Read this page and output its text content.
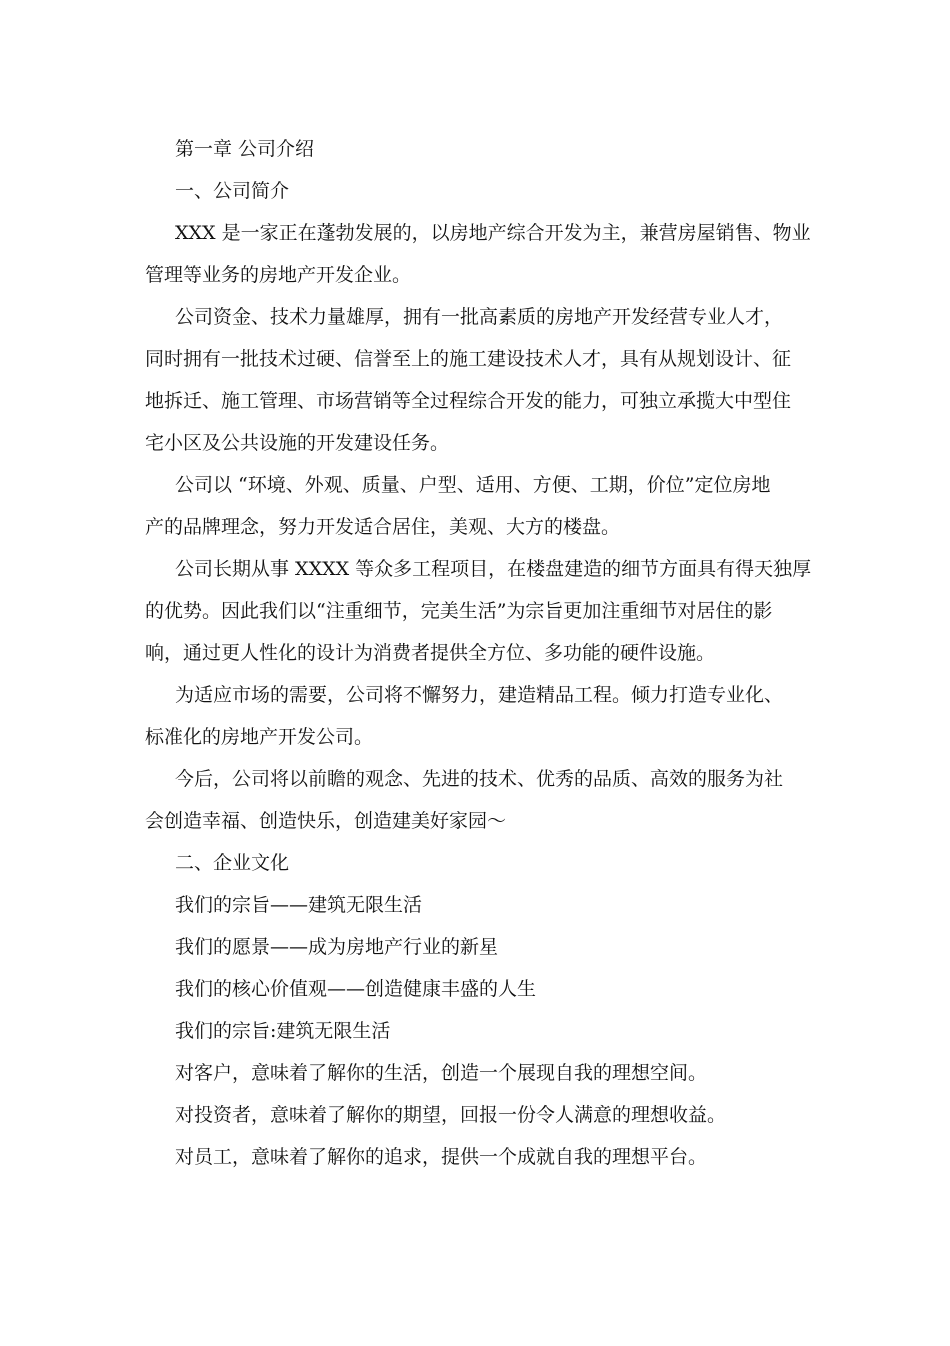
第一章 公司介绍

一、公司简介

XXX 是一家正在蓬勃发展的，以房地产综合开发为主，兼营房屋销售、物业

管理等业务的房地产开发企业。

公司资金、技术力量雄厚，拥有一批高素质的房地产开发经营专业人才，

同时拥有一批技术过硬、信誉至上的施工建设技术人才，具有从规划设计、征

地拆迁、施工管理、市场营销等全过程综合开发的能力，可独立承揽大中型住

宅小区及公共设施的开发建设任务。

公司以 “环境、外观、质量、户型、适用、方便、工期，价位”定位房地

产的品牌理念，努力开发适合居住，美观、大方的楼盘。

公司长期从事 XXXX 等众多工程项目，在楼盘建造的细节方面具有得天独厚

的优势。因此我们以“注重细节，完美生活”为宗旨更加注重细节对居住的影

响，通过更人性化的设计为消费者提供全方位、多功能的硬件设施。

为适应市场的需要，公司将不懈努力，建造精品工程。倾力打造专业化、

标准化的房地产开发公司。

今后，公司将以前瞻的观念、先进的技术、优秀的品质、高效的服务为社

会创造幸福、创造快乐，创造建美好家园～

二、企业文化

我们的宗旨——建筑无限生活

我们的愿景——成为房地产行业的新星

我们的核心价值观——创造健康丰盛的人生

我们的宗旨:建筑无限生活

对客户，意味着了解你的生活，创造一个展现自我的理想空间。

对投资者，意味着了解你的期望，回报一份令人满意的理想收益。

对员工，意味着了解你的追求，提供一个成就自我的理想平台。
